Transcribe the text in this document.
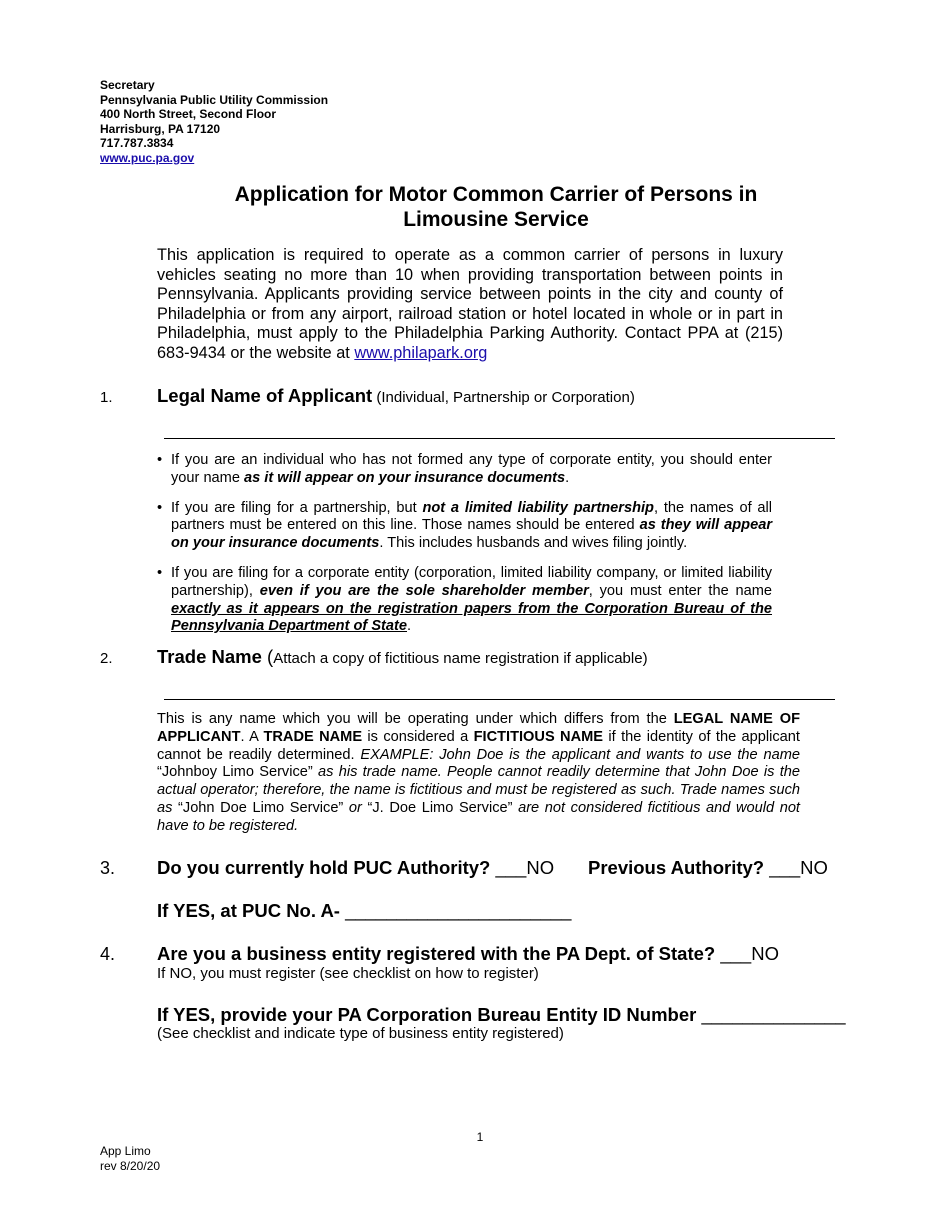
Secretary
Pennsylvania Public Utility Commission
400 North Street, Second Floor
Harrisburg, PA 17120
717.787.3834
www.puc.pa.gov
Application for Motor Common Carrier of Persons in
Limousine Service
This application is required to operate as a common carrier of persons in luxury vehicles seating no more than 10 when providing transportation between points in Pennsylvania. Applicants providing service between points in the city and county of Philadelphia or from any airport, railroad station or hotel located in whole or in part in Philadelphia, must apply to the Philadelphia Parking Authority. Contact PPA at (215) 683-9434 or the website at www.philapark.org
1. Legal Name of Applicant (Individual, Partnership or Corporation)
• If you are an individual who has not formed any type of corporate entity, you should enter your name as it will appear on your insurance documents.
• If you are filing for a partnership, but not a limited liability partnership, the names of all partners must be entered on this line. Those names should be entered as they will appear on your insurance documents. This includes husbands and wives filing jointly.
• If you are filing for a corporate entity (corporation, limited liability company, or limited liability partnership), even if you are the sole shareholder member, you must enter the name exactly as it appears on the registration papers from the Corporation Bureau of the Pennsylvania Department of State.
2. Trade Name (Attach a copy of fictitious name registration if applicable)
This is any name which you will be operating under which differs from the LEGAL NAME OF APPLICANT. A TRADE NAME is considered a FICTITIOUS NAME if the identity of the applicant cannot be readily determined. EXAMPLE: John Doe is the applicant and wants to use the name “Johnboy Limo Service” as his trade name. People cannot readily determine that John Doe is the actual operator; therefore, the name is fictitious and must be registered as such. Trade names such as “John Doe Limo Service” or “J. Doe Limo Service” are not considered fictitious and would not have to be registered.
3. Do you currently hold PUC Authority? ___NO Previous Authority? ___NO
If YES, at PUC No. A- ______________________
4. Are you a business entity registered with the PA Dept. of State? ___NO
If NO, you must register (see checklist on how to register)
If YES, provide your PA Corporation Bureau Entity ID Number ______________
(See checklist and indicate type of business entity registered)
1
App Limo
rev 8/20/20
